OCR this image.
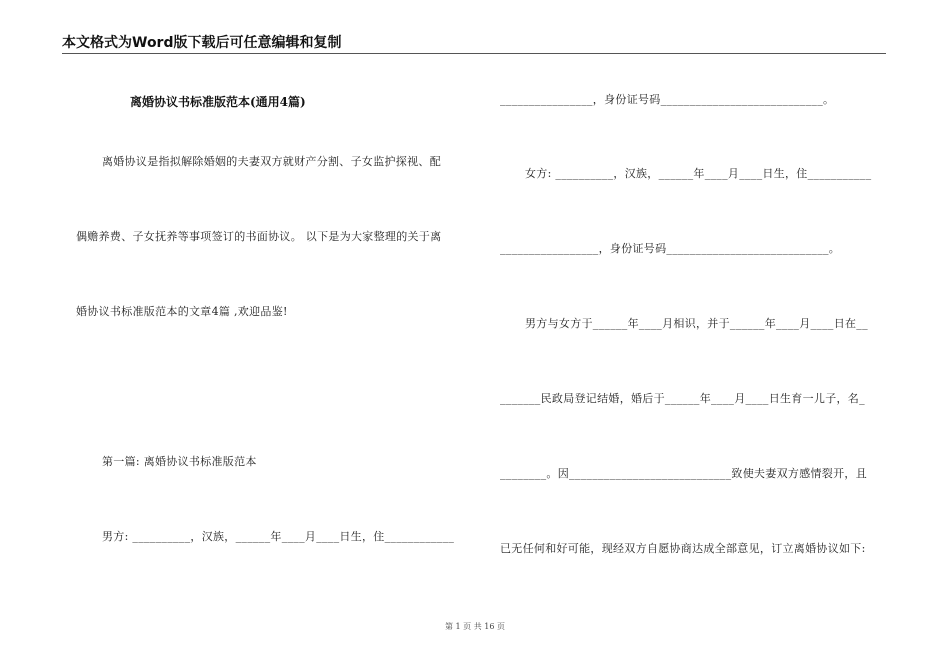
本文格式为Word版下载后可任意编辑和复制
离婚协议书标准版范本(通用4篇)
离婚协议是指拟解除婚姻的夫妻双方就财产分割、子女监护探视、配
偶赡养费、子女抚养等事项签订的书面协议。 以下是为大家整理的关于离
婚协议书标准版范本的文章4篇 ,欢迎品鉴!
第一篇: 离婚协议书标准版范本
男方: __________，汉族，______年____月____日生，住____________
________________，身份证号码____________________________。
女方: __________，汉族，______年____月____日生，住___________
_________________，身份证号码____________________________。
男方与女方于______年____月相识，并于______年____月____日在__
_______民政局登记结婚，婚后于______年____月____日生育一儿子，名_
________。因____________________________致使夫妻双方感情裂开，且
已无任何和好可能，现经双方自愿协商达成全部意见，订立离婚协议如下:
第 1 页 共 16 页
